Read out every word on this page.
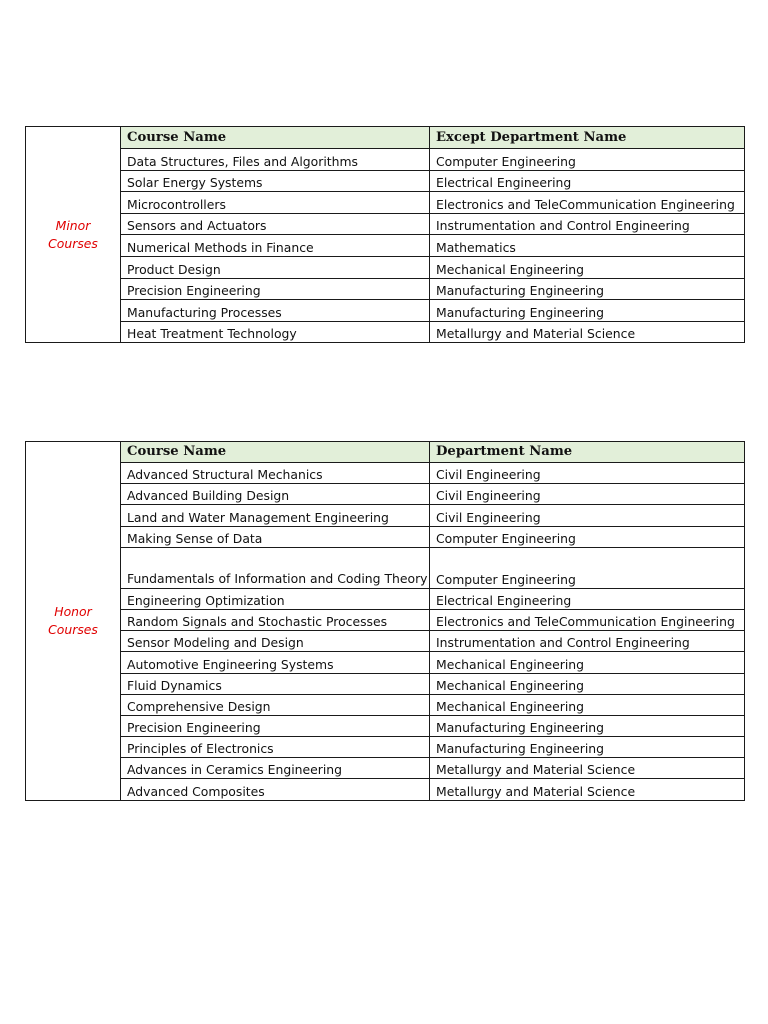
Minor
Courses	Course Name	Except Department Name
	Data Structures, Files and Algorithms	Computer Engineering
	Solar Energy Systems	Electrical Engineering
	Microcontrollers	Electronics and TeleCommunication Engineering
	Sensors and Actuators	Instrumentation and Control Engineering
	Numerical Methods in Finance	Mathematics
	Product Design	Mechanical Engineering
	Precision Engineering	Manufacturing Engineering
	Manufacturing Processes	Manufacturing Engineering
	Heat Treatment Technology	Metallurgy and Material Science
Honor
Courses	Course Name	Department Name
	Advanced Structural Mechanics	Civil Engineering
	Advanced Building Design	Civil Engineering
	Land and Water Management Engineering	Civil Engineering
	Making Sense of Data	Computer Engineering
	Fundamentals of Information and Coding Theory	Computer Engineering
	Engineering Optimization	Electrical Engineering
	Random Signals and Stochastic Processes	Electronics and TeleCommunication Engineering
	Sensor Modeling and Design	Instrumentation and Control Engineering
	Automotive Engineering Systems	Mechanical Engineering
	Fluid Dynamics	Mechanical Engineering
	Comprehensive Design	Mechanical Engineering
	Precision Engineering	Manufacturing Engineering
	Principles of Electronics	Manufacturing Engineering
	Advances in Ceramics Engineering	Metallurgy and Material Science
	Advanced Composites	Metallurgy and Material Science
